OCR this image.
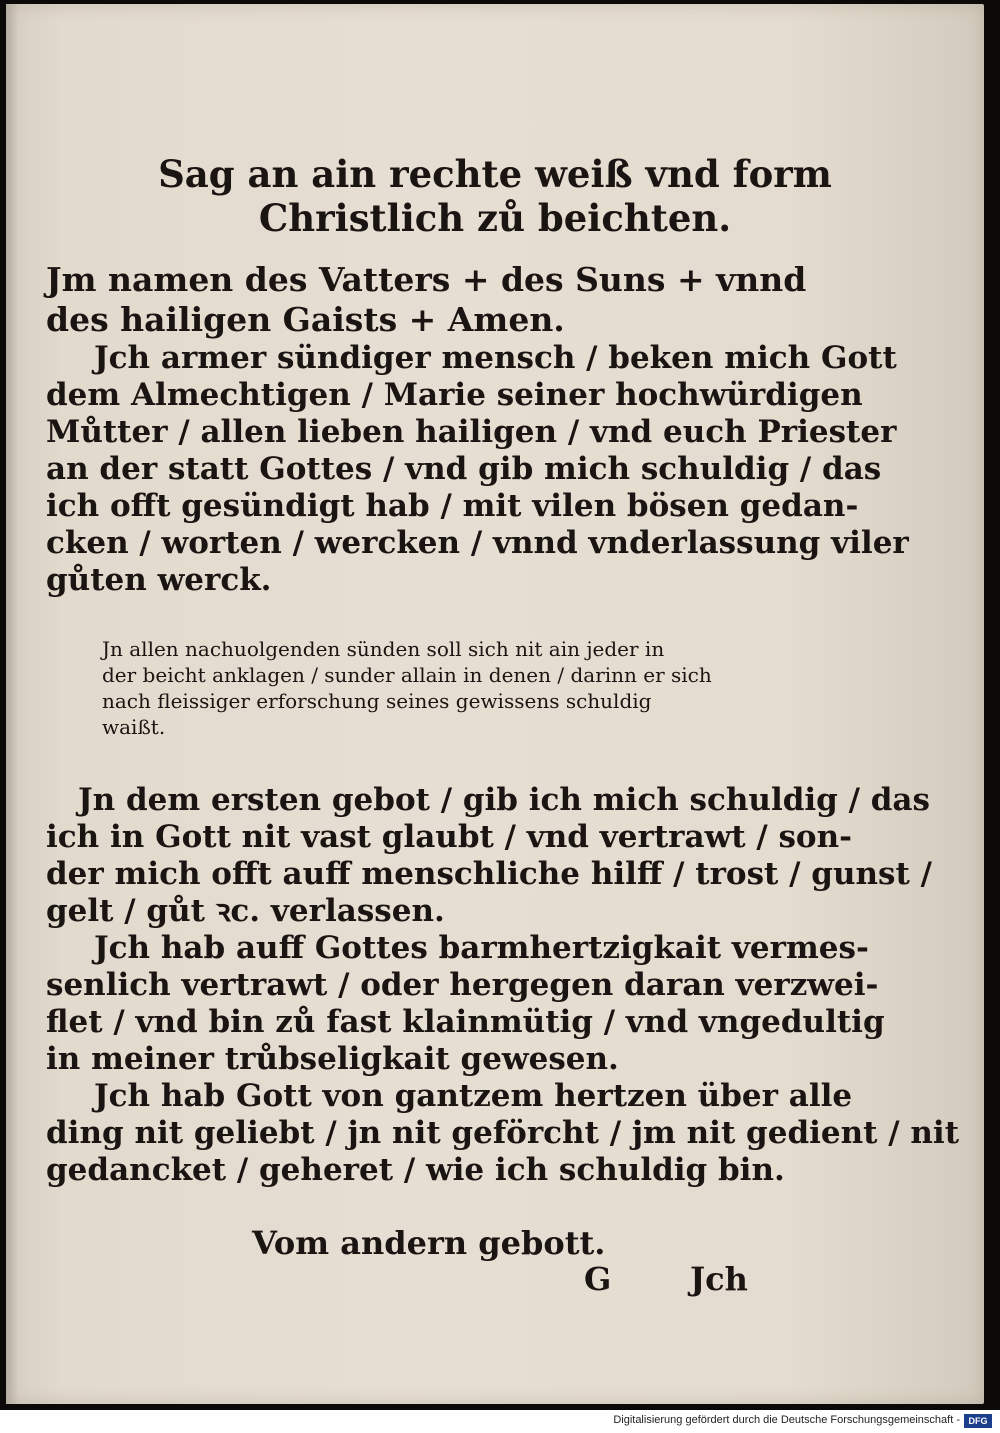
Sag an ain rechte weiß vnd form
Christlich zů beichten.
Jm namen des Vatters + des Suns + vnnd
des hailigen Gaists + Amen.
Jch armer sündiger mensch / beken mich Gott
dem Almechtigen / Marie seiner hochwürdigen
Můtter / allen lieben hailigen / vnd euch Priester
an der statt Gottes / vnd gib mich schuldig / das
ich offt gesündigt hab / mit vilen bösen gedan-
cken / worten / wercken / vnnd vnderlassung viler
gůten werck.
Jn allen nachuolgenden sünden soll sich nit ain jeder in
der beicht anklagen / sunder allain in denen / darinn er sich
nach fleissiger erforschung seines gewissens schuldig
waißt.
Jn dem ersten gebot / gib ich mich schuldig / das
ich in Gott nit vast glaubt / vnd vertrawt / son-
der mich offt auff menschliche hilff / trost / gunst /
gelt / gůt ꝛc. verlassen.
Jch hab auff Gottes barmhertzigkait vermes-
senlich vertrawt / oder hergegen daran verzwei-
flet / vnd bin zů fast klainmütig / vnd vngedultig
in meiner trůbseligkait gewesen.
Jch hab Gott von gantzem hertzen über alle
ding nit geliebt / jn nit geförcht / jm nit gedient / nit
gedancket / geheret / wie ich schuldig bin.
Vom andern gebott.
G Jch
Digitalisierung gefördert durch die Deutsche Forschungsgemeinschaft - DFG
